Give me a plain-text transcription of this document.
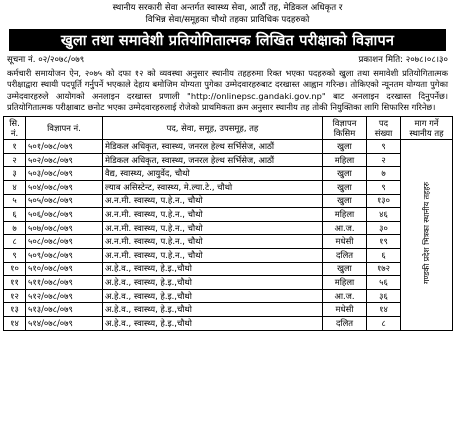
स्थानीय सरकारी सेवा अन्तर्गत स्वास्थ्य सेवा, आठौं तह, मेडिकल अधिकृत र
विभिन्न सेवा/समूहका चौथो तहका प्राविधिक पदहरुको
खुला तथा समावेशी प्रतियोगितात्मक लिखित परीक्षाको विज्ञापन
सूचना नं. ०२/२०७८/०७९	प्रकाशन मिति: २०७८।०८।३०
कर्मचारी समायोजन ऐन, २०७५ को दफा १२ को व्यवस्था अनुसार स्थानीय तहहरुमा रिक्त भएका पदहरुको खुला तथा समावेशी प्रतियोगितात्मक परीक्षाद्वारा स्थायी पदपूर्ति गर्नुपर्ने भएकाले देहाय बमोजिम योग्यता पुगेका उम्मेदवारहरुबाट दरखास्त आह्वान गरिन्छ। तोकिएको न्यूनतम योग्यता पुगेका उम्मेदवारहरुले आयोगको अनलाइन दरखास्त प्रणाली "http://onlinepsc.gandaki.gov.np" बाट अनलाइन दरखास्त दिनुपर्नेछ। प्रतियोगितात्मक परीक्षाबाट छनोट भएका उम्मेदवारहरुलाई रोजेको प्राथमिकता क्रम अनुसार स्थानीय तह तोकी नियुक्तिका लागि सिफारिस गरिनेछ।
सि. नं.	विज्ञापन नं.	पद, सेवा, समूह, उपसमूह, तह	विज्ञापन किसिम	पद संख्या	माग गर्ने स्थानीय तह
१	५०१/०७८/०७९	मेडिकल अधिकृत, स्वास्थ्य, जनरल हेल्थ सर्भिसेज, आठौं	खुला	९	गण्डकी प्रदेश भित्रका स्थानीय तहहरु
२	५०२/०७८/०७९	मेडिकल अधिकृत, स्वास्थ्य, जनरल हेल्थ सर्भिसेज, आठौं	महिला	२	
३	५०३/०७८/०७९	वैद्य, स्वास्थ्य, आयुर्वेद, चौथो	खुला	७	
४	५०४/०७८/०७९	ल्याब असिस्टेन्ट, स्वास्थ्य, मे.ल्या.टे., चौथो	खुला	९	
५	५०५/०७८/०७९	अ.न.मी. स्वास्थ्य, प.हे.न., चौथो	खुला	१३०	
६	५०६/०७८/०७९	अ.न.मी. स्वास्थ्य, प.हे.न., चौथो	महिला	४६	
७	५०७/०७८/०७९	अ.न.मी. स्वास्थ्य, प.हे.न., चौथो	आ.ज.	३०	
८	५०८/०७८/०७९	अ.न.मी. स्वास्थ्य, प.हे.न., चौथो	मधेसी	१९	
९	५०९/०७८/०७९	अ.न.मी. स्वास्थ्य, प.हे.न., चौथो	दलित	६	
१०	५१०/०७८/०७९	अ.हे.व., स्वास्थ्य, हे.इ.,चौथो	खुला	१७२	
११	५११/०७८/०७९	अ.हे.व., स्वास्थ्य, हे.इ.,चौथो	महिला	५६	
१२	५१२/०७८/०७९	अ.हे.व., स्वास्थ्य, हे.इ.,चौथो	आ.ज.	३६	
१३	५१३/०७८/०७९	अ.हे.व., स्वास्थ्य, हे.इ.,चौथो	मधेसी	१४	
१४	५१४/०७८/०७९	अ.हे.व., स्वास्थ्य, हे.इ.,चौथो	दलित	८	
